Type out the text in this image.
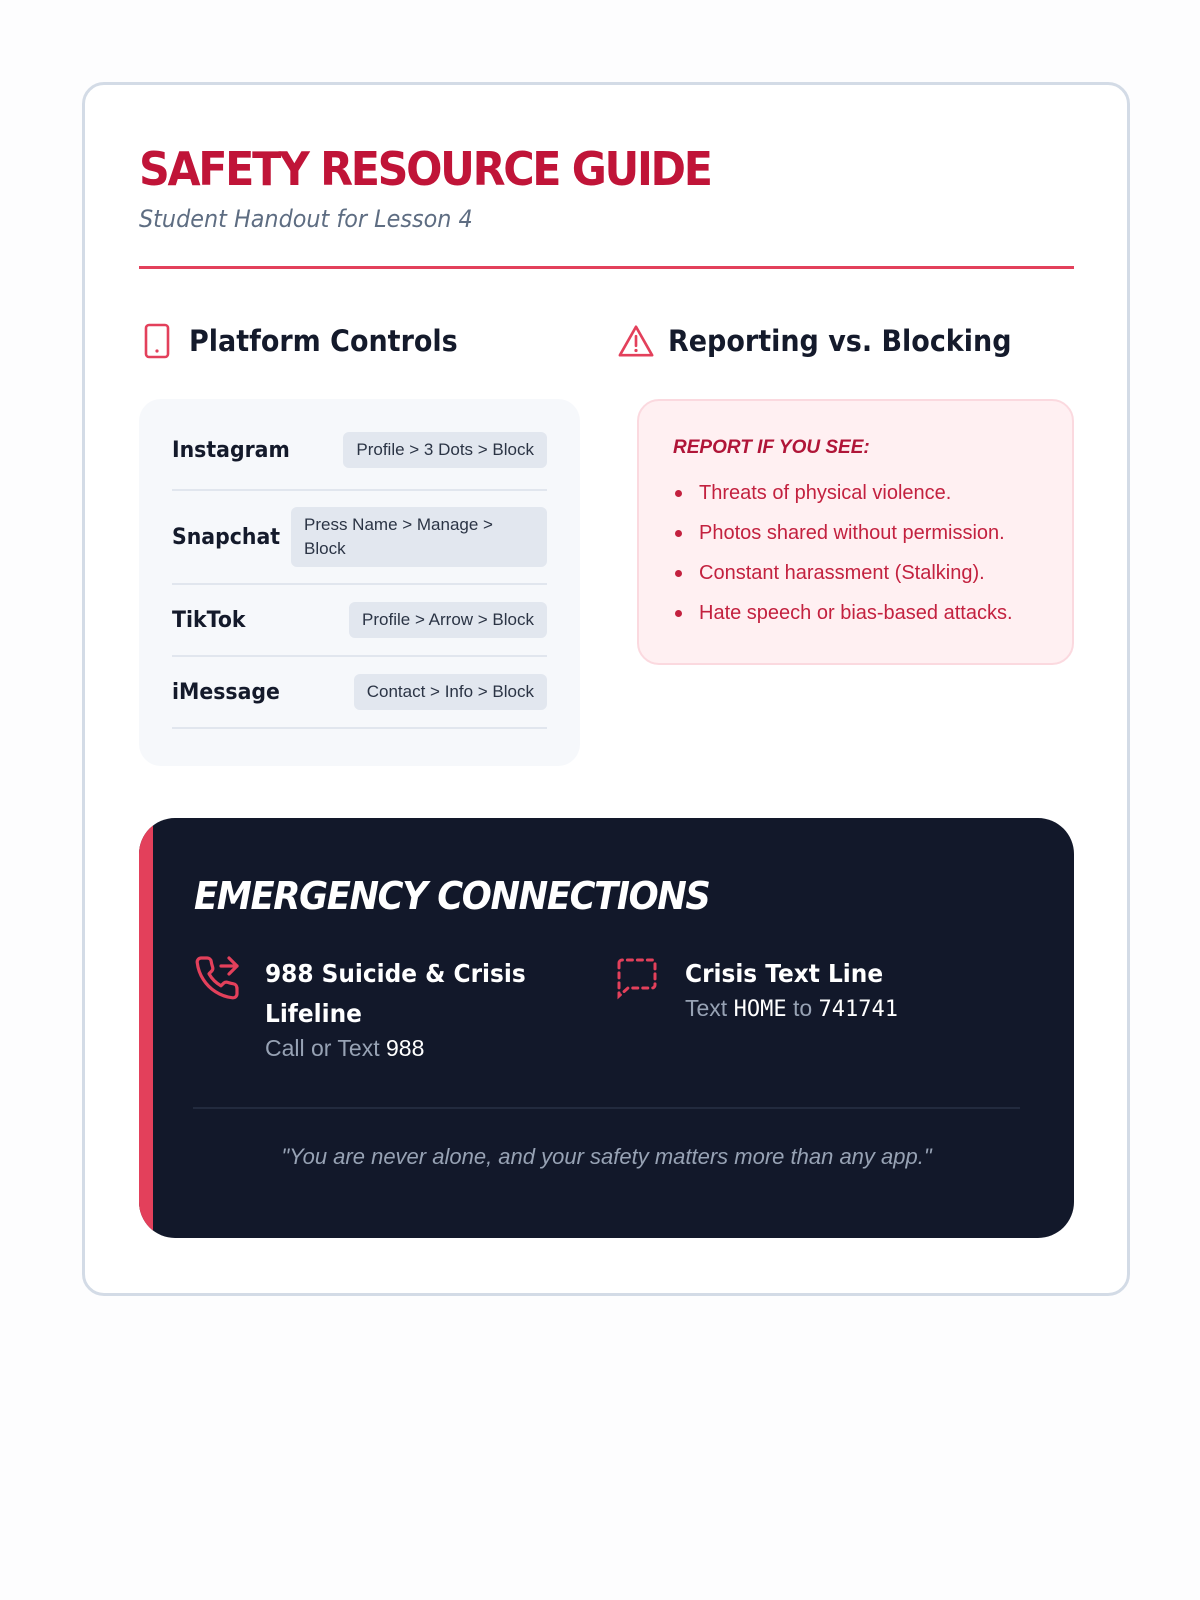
SAFETY RESOURCE GUIDE
Student Handout for Lesson 4
Platform Controls	Reporting vs. Blocking
Instagram	Profile > 3 Dots > Block
Snapchat	Press Name > Manage > Block
TikTok	Profile > Arrow > Block
iMessage	Contact > Info > Block
REPORT IF YOU SEE:
Threats of physical violence.
Photos shared without permission.
Constant harassment (Stalking).
Hate speech or bias-based attacks.
EMERGENCY CONNECTIONS
988 Suicide & Crisis Lifeline
Call or Text 988
Crisis Text Line
Text HOME to 741741
"You are never alone, and your safety matters more than any app."
